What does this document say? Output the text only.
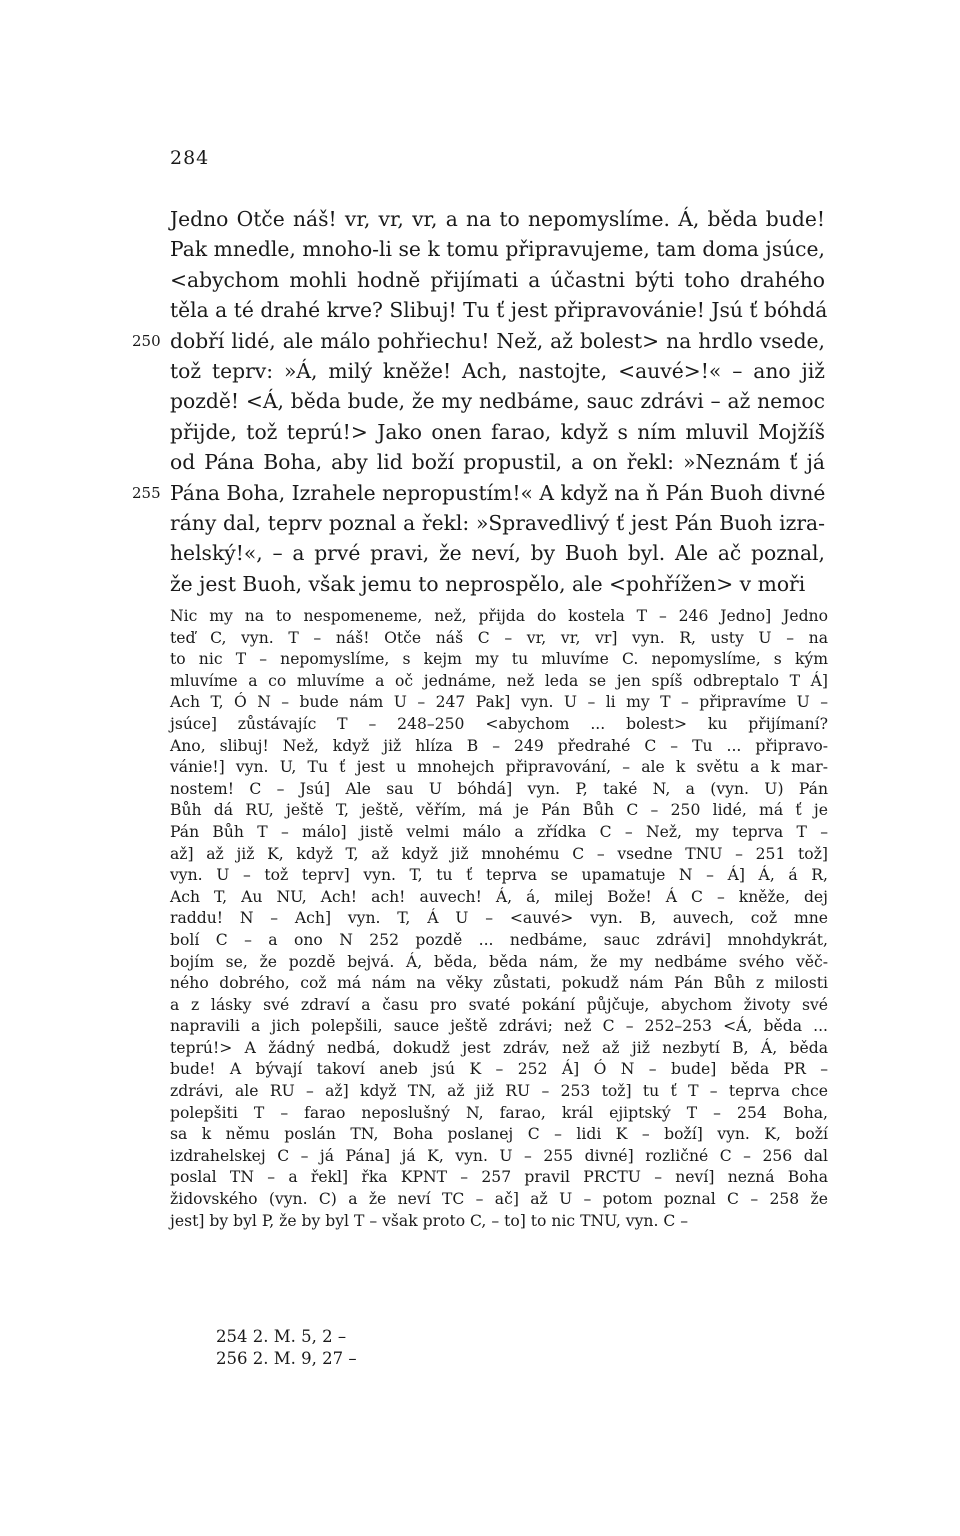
284
Jedno Otče náš! vr, vr, vr, a na to nepomyslíme. Á, běda bude!
Pak mnedle, mnoho-li se k tomu připravujeme, tam doma jsúce,
<abychom mohli hodně přijímati a účastni býti toho drahého
těla a té drahé krve? Slibuj! Tu ť jest připravovánie! Jsú ť bóhdá
250 dobří lidé, ale málo pohřiechu! Než, až bolest> na hrdlo vsede,
tož teprv: »Á, milý kněže! Ach, nastojte, <auvé>!« – ano již
pozdě! <Á, běda bude, že my nedbáme, sauc zdrávi – až nemoc
přijde, tož teprú!> Jako onen farao, když s ním mluvil Mojžíš
od Pána Boha, aby lid boží propustil, a on řekl: »Neznám ť já
255 Pána Boha, Izrahele nepropustím!« A když na ň Pán Buoh divné
rány dal, teprv poznal a řekl: »Spravedlivý ť jest Pán Buoh izra-
helský!«, – a prvé pravi, že neví, by Buoh byl. Ale ač poznal,
že jest Buoh, však jemu to neprospělo, ale <pohřížen> v moři
Nic my na to nespomeneme, než, přijda do kostela T – 246 Jedno] Jedno
teď C, vyn. T – náš! Otče náš C – vr, vr, vr] vyn. R, usty U – na
to nic T – nepomyslíme, s kejm my tu mluvíme C. nepomyslíme, s kým
mluvíme a co mluvíme a oč jednáme, než leda se jen spíš odbreptalo T Á]
Ach T, Ó N – bude nám U – 247 Pak] vyn. U – li my T – připravíme U –
jsúce] zůstávajíc T – 248–250 <abychom ... bolest> ku přijímaní?
Ano, slibuj! Než, když již hlíza B – 249 předrahé C – Tu ... připravo-
vánie!] vyn. U, Tu ť jest u mnohejch připravování, – ale k světu a k mar-
nostem! C – Jsú] Ale sau U bóhdá] vyn. P, také N, a (vyn. U) Pán
Bůh dá RU, ještě T, ještě, věřím, má je Pán Bůh C – 250 lidé, má ť je
Pán Bůh T – málo] jistě velmi málo a zřídka C – Než, my teprva T –
až] až již K, když T, až když již mnohému C – vsedne TNU – 251 tož]
vyn. U – tož teprv] vyn. T, tu ť teprva se upamatuje N – Á] Á, á R,
Ach T, Au NU, Ach! ach! auvech! Á, á, milej Bože! Á C – kněže, dej
raddu! N – Ach] vyn. T, Á U – <auvé> vyn. B, auvech, což mne
bolí C – a ono N 252 pozdě ... nedbáme, sauc zdrávi] mnohdykrát,
bojím se, že pozdě bejvá. Á, běda, běda nám, že my nedbáme svého věč-
ného dobrého, což má nám na věky zůstati, pokudž nám Pán Bůh z milosti
a z lásky své zdraví a času pro svaté pokání půjčuje, abychom životy své
napravili a jich polepšili, sauce ještě zdrávi; než C – 252–253 <Á, běda ...
teprú!> A žádný nedbá, dokudž jest zdráv, než až již nezbytí B, Á, běda
bude! A bývají takoví aneb jsú K – 252 Á] Ó N – bude] běda PR –
zdrávi, ale RU – až] když TN, až již RU – 253 tož] tu ť T – teprva chce
polepšiti T – farao neposlušný N, farao, král ejiptský T – 254 Boha,
sa k němu poslán TN, Boha poslanej C – lidi K – boží] vyn. K, boží
izdrahelskej C – já Pána] já K, vyn. U – 255 divné] rozličné C – 256 dal
poslal TN – a řekl] řka KPNT – 257 pravil PRCTU – neví] nezná Boha
židovského (vyn. C) a že neví TC – ač] až U – potom poznal C – 258 že
jest] by byl P, že by byl T – však proto C, – to] to nic TNU, vyn. C –
254 2. M. 5, 2 –
256 2. M. 9, 27 –
